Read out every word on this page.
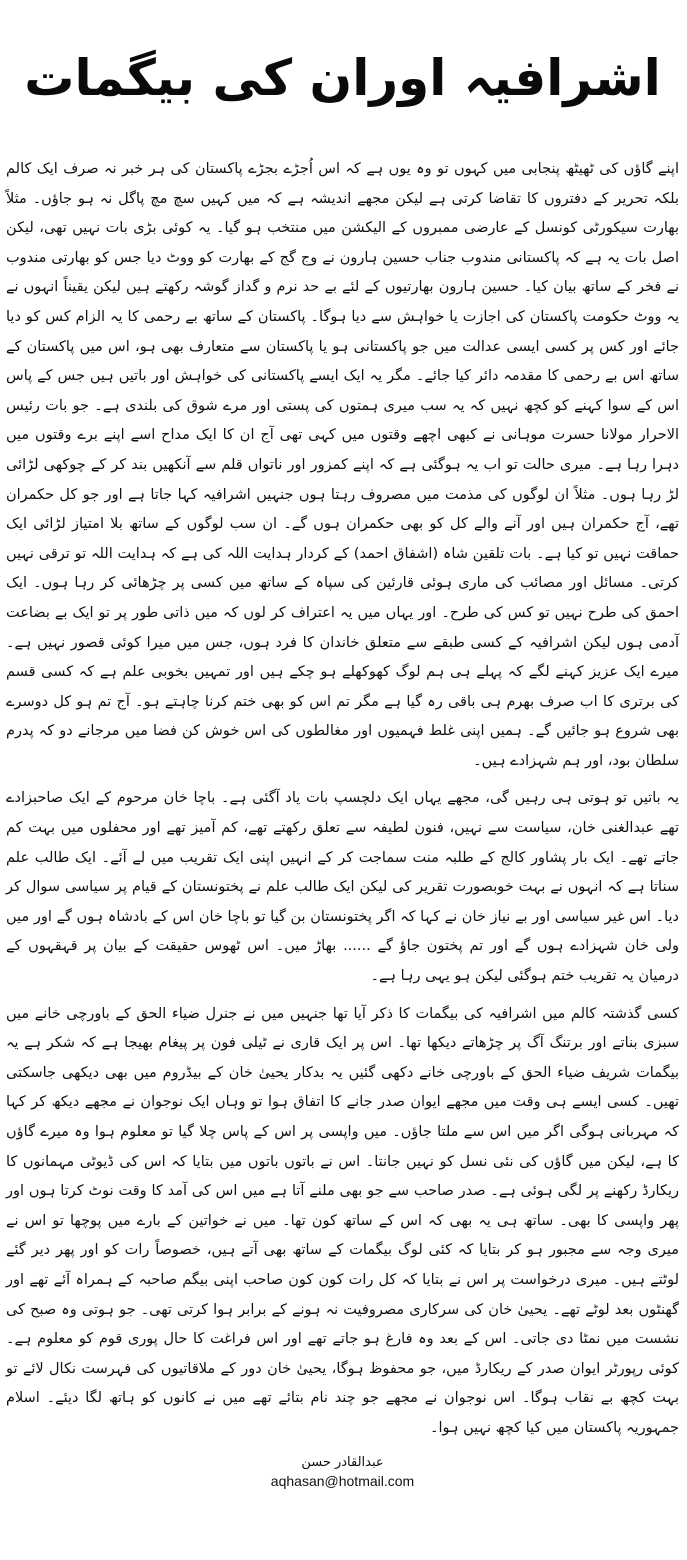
اشرافیہ اوران کی بیگمات

اپنے گاؤں کی ٹھیٹھ پنجابی میں کہوں تو وہ یوں ہے کہ اس اُجڑے بجڑے پاکستان کی ہر خبر نہ صرف ایک کالم بلکہ تحریر کے دفتروں کا تقاضا کرتی ہے لیکن مجھے اندیشہ ہے کہ میں کہیں سچ مچ پاگل نہ ہو جاؤں۔ مثلاً بھارت سیکورٹی کونسل کے عارضی ممبروں کے الیکشن میں منتخب ہو گیا۔ یہ کوئی بڑی بات نہیں تھی، لیکن اصل بات یہ ہے کہ پاکستانی مندوب جناب حسین ہارون نے وج گج کے بھارت کو ووٹ دیا جس کو بھارتی مندوب نے فخر کے ساتھ بیان کیا۔ حسین ہارون بھارتیوں کے لئے بے حد نرم و گداز گوشہ رکھتے ہیں لیکن یقیناً انہوں نے یہ ووٹ حکومت پاکستان کی اجازت یا خواہش سے دیا ہوگا۔ پاکستان کے ساتھ بے رحمی کا یہ الزام کس کو دیا جائے اور کس پر کسی ایسی عدالت میں جو پاکستانی ہو یا پاکستان سے متعارف بھی ہو، اس میں پاکستان کے ساتھ اس بے رحمی کا مقدمہ دائر کیا جائے۔ مگر یہ ایک ایسے پاکستانی کی خواہش اور باتیں ہیں جس کے پاس اس کے سوا کہنے کو کچھ نہیں کہ یہ سب میری ہمتوں کی پستی اور مرے شوق کی بلندی ہے۔ جو بات رئیس الاحرار مولانا حسرت موہانی نے کبھی اچھے وقتوں میں کہی تھی آج ان کا ایک مداح اسے اپنے برے وقتوں میں دہرا رہا ہے۔ میری حالت تو اب یہ ہوگئی ہے کہ اپنے کمزور اور ناتواں قلم سے آنکھیں بند کر کے چوکھی لڑائی لڑ رہا ہوں۔ مثلاً ان لوگوں کی مذمت میں مصروف رہتا ہوں جنہیں اشرافیہ کہا جاتا ہے اور جو کل حکمران تھے، آج حکمران ہیں اور آنے والے کل کو بھی حکمران ہوں گے۔ ان سب لوگوں کے ساتھ بلا امتیاز لڑائی ایک حماقت نہیں تو کیا ہے۔ بات تلقین شاہ (اشفاق احمد) کے کردار ہدایت اللہ کی ہے کہ ہدایت اللہ تو ترقی نہیں کرتی۔ مسائل اور مصائب کی ماری ہوئی قارئین کی سپاہ کے ساتھ میں کسی پر چڑھائی کر رہا ہوں۔ ایک احمق کی طرح نہیں تو کس کی طرح۔ اور یہاں میں یہ اعتراف کر لوں کہ میں ذاتی طور پر تو ایک بے بضاعت آدمی ہوں لیکن اشرافیہ کے کسی طبقے سے متعلق خاندان کا فرد ہوں، جس میں میرا کوئی قصور نہیں ہے۔ میرے ایک عزیز کہنے لگے کہ پہلے ہی ہم لوگ کھوکھلے ہو چکے ہیں اور تمہیں بخوبی علم ہے کہ کسی قسم کی برتری کا اب صرف بھرم ہی باقی رہ گیا ہے مگر تم اس کو بھی ختم کرنا چاہتے ہو۔ آج تم ہو کل دوسرے بھی شروع ہو جائیں گے۔ ہمیں اپنی غلط فہمیوں اور مغالطوں کی اس خوش کن فضا میں مرجانے دو کہ پدرم سلطان بود، اور ہم شہزادے ہیں۔

یہ باتیں تو ہوتی ہی رہیں گی، مجھے یہاں ایک دلچسپ بات یاد آگئی ہے۔ باچا خان مرحوم کے ایک صاحبزادے تھے عبدالغنی خان، سیاست سے نہیں، فنون لطیفہ سے تعلق رکھتے تھے، کم آمیز تھے اور محفلوں میں بہت کم جاتے تھے۔ ایک بار پشاور کالج کے طلبہ منت سماجت کر کے انہیں اپنی ایک تقریب میں لے آئے۔ ایک طالب علم سناتا ہے کہ انہوں نے بہت خوبصورت تقریر کی لیکن ایک طالب علم نے پختونستان کے قیام پر سیاسی سوال کر دیا۔ اس غیر سیاسی اور بے نیاز خان نے کہا کہ اگر پختونستان بن گیا تو باچا خان اس کے بادشاہ ہوں گے اور میں ولی خان شہزادے ہوں گے اور تم پختون جاؤ گے ...... بھاڑ میں۔ اس ٹھوس حقیقت کے بیان پر قہقہوں کے درمیان یہ تقریب ختم ہوگئی لیکن ہو یہی رہا ہے۔

کسی گذشتہ کالم میں اشرافیہ کی بیگمات کا ذکر آیا تھا جنہیں میں نے جنرل ضیاء الحق کے باورچی خانے میں سبزی بناتے اور برتنگ آگ پر چڑھاتے دیکھا تھا۔ اس پر ایک قاری نے ٹیلی فون پر پیغام بھیجا ہے کہ شکر ہے یہ بیگمات شریف ضیاء الحق کے باورچی خانے دکھی گئیں یہ بدکار یحییٰ خان کے بیڈروم میں بھی دیکھی جاسکتی تھیں۔ کسی ایسے ہی وقت میں مجھے ایوان صدر جانے کا اتفاق ہوا تو وہاں ایک نوجوان نے مجھے دیکھ کر کہا کہ مہربانی ہوگی اگر میں اس سے ملتا جاؤں۔ میں واپسی پر اس کے پاس چلا گیا تو معلوم ہوا وہ میرے گاؤں کا ہے، لیکن میں گاؤں کی نئی نسل کو نہیں جانتا۔ اس نے باتوں باتوں میں بتایا کہ اس کی ڈیوٹی مہمانوں کا ریکارڈ رکھنے پر لگی ہوئی ہے۔ صدر صاحب سے جو بھی ملنے آتا ہے میں اس کی آمد کا وقت نوٹ کرتا ہوں اور پھر واپسی کا بھی۔ ساتھ ہی یہ بھی کہ اس کے ساتھ کون تھا۔ میں نے خواتین کے بارے میں پوچھا تو اس نے میری وجہ سے مجبور ہو کر بتایا کہ کئی لوگ بیگمات کے ساتھ بھی آتے ہیں، خصوصاً رات کو اور پھر دیر گئے لوٹتے ہیں۔ میری درخواست پر اس نے بتایا کہ کل رات کون کون صاحب اپنی بیگم صاحبہ کے ہمراہ آئے تھے اور گھنٹوں بعد لوٹے تھے۔ یحییٰ خان کی سرکاری مصروفیت نہ ہونے کے برابر ہوا کرتی تھی۔ جو ہوتی وہ صبح کی نشست میں نمٹا دی جاتی۔ اس کے بعد وہ فارغ ہو جاتے تھے اور اس فراغت کا حال پوری قوم کو معلوم ہے۔ کوئی رپورٹر ایوان صدر کے ریکارڈ میں، جو محفوظ ہوگا، یحییٰ خان دور کے ملاقاتیوں کی فہرست نکال لائے تو بہت کچھ بے نقاب ہوگا۔ اس نوجوان نے مجھے جو چند نام بتائے تھے میں نے کانوں کو ہاتھ لگا دیئے۔ اسلام جمہوریہ پاکستان میں کیا کچھ نہیں ہوا۔

عبدالقادر حسن
aqhasan@hotmail.com
